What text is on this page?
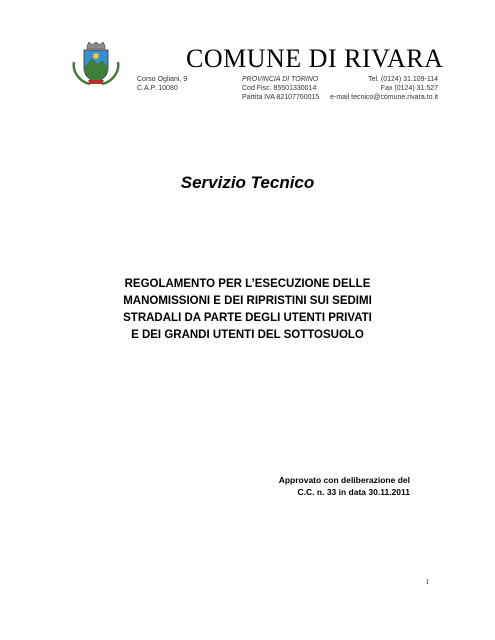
COMUNE DI RIVARA
Corso Ogliani, 9
C.A.P. 10080
PROVINCIA DI TORINO
Cod Fisc. 85501330014
Partita IVA 82107760015
Tel. (0124) 31.109-114
Fax (0124) 31.527
e-mail tecnico@comune.rivara.to.it
Servizio Tecnico
REGOLAMENTO PER L’ESECUZIONE DELLE
MANOMISSIONI E DEI RIPRISTINI SUI SEDIMI
STRADALI DA PARTE DEGLI UTENTI PRIVATI
E DEI GRANDI UTENTI DEL SOTTOSUOLO
Approvato con deliberazione del
C.C. n. 33 in data 30.11.2011
1
